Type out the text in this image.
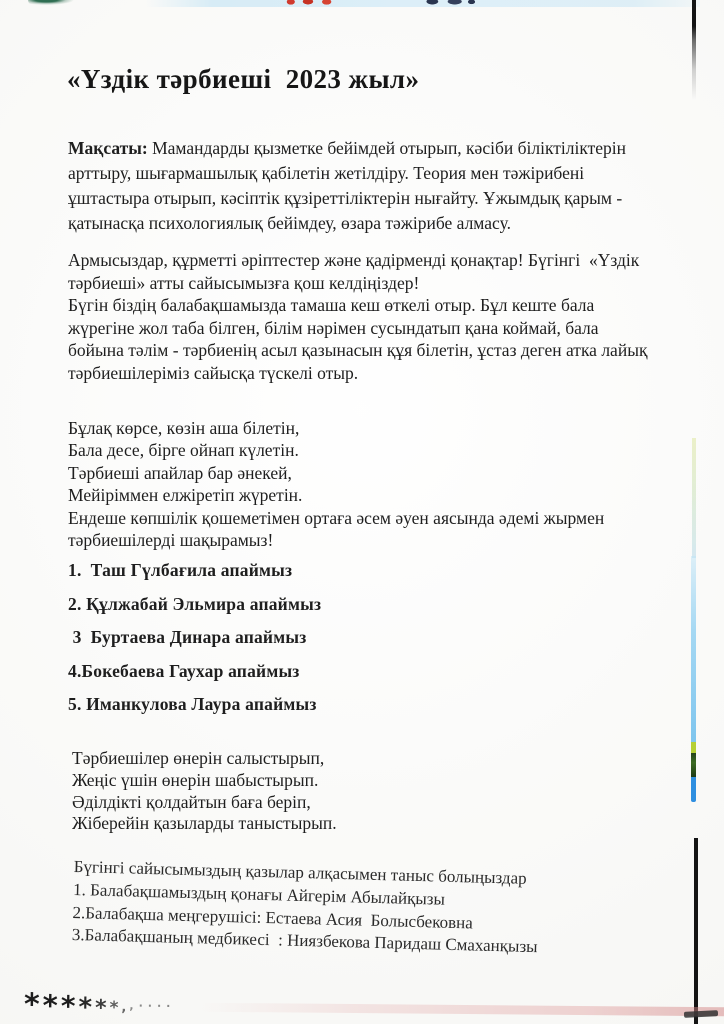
«Үздік тәрбиеші  2023 жыл»
Мақсаты: Мамандарды қызметке бейімдей отырып, кәсіби біліктіліктерін
арттыру, шығармашылық қабілетін жетілдіру. Теория мен тәжірибені
ұштастыра отырып, кәсіптік құзіреттіліктерін нығайту. Ұжымдық қарым -
қатынасқа психологиялық бейімдеу, өзара тәжірибе алмасу.
Армысыздар, құрметті әріптестер және қадірменді қонақтар! Бүгінгі  «Үздік
тәрбиеші» атты сайысымызға қош келдіңіздер!
Бүгін біздің балабақшамызда тамаша кеш өткелі отыр. Бұл кеште бала
жүрегіне жол таба білген, білім нәрімен сусындатып қана коймай, бала
бойына тәлім - тәрбиенің асыл қазынасын құя білетін, ұстаз деген атка лайық
тәрбиешілеріміз сайысқа түскелі отыр.
Бұлақ көрсе, көзін аша білетін,
Бала десе, бірге ойнап күлетін.
Тәрбиеші апайлар бар әнекей,
Мейіріммен елжіретіп жүретін.
Ендеше көпшілік қошеметімен ортаға әсем әуен аясында әдемі жырмен
тәрбиешілерді шақырамыз!
1.  Таш Гүлбағила апаймыз
2. Құлжабай Эльмира апаймыз
3  Буртаева Динара апаймыз
4.Бокебаева Гаухар апаймыз
5. Иманкулова Лаура апаймыз
Тәрбиешілер өнерін салыстырып,
Жеңіс үшін өнерін шабыстырып.
Әділдікті қолдайтын баға беріп,
Жіберейін қазыларды таныстырып.
Бүгінгі сайысымыздың қазылар алқасымен таныс болыңыздар
1. Балабақшамыздың қонағы Айгерім Абылайқызы
2.Балабақша меңгерушісі: Естаева Асия  Болысбековна
3.Балабақшаның медбикесі  : Ниязбекова Паридаш Смаханқызы
*** * * * , , · · · ·
